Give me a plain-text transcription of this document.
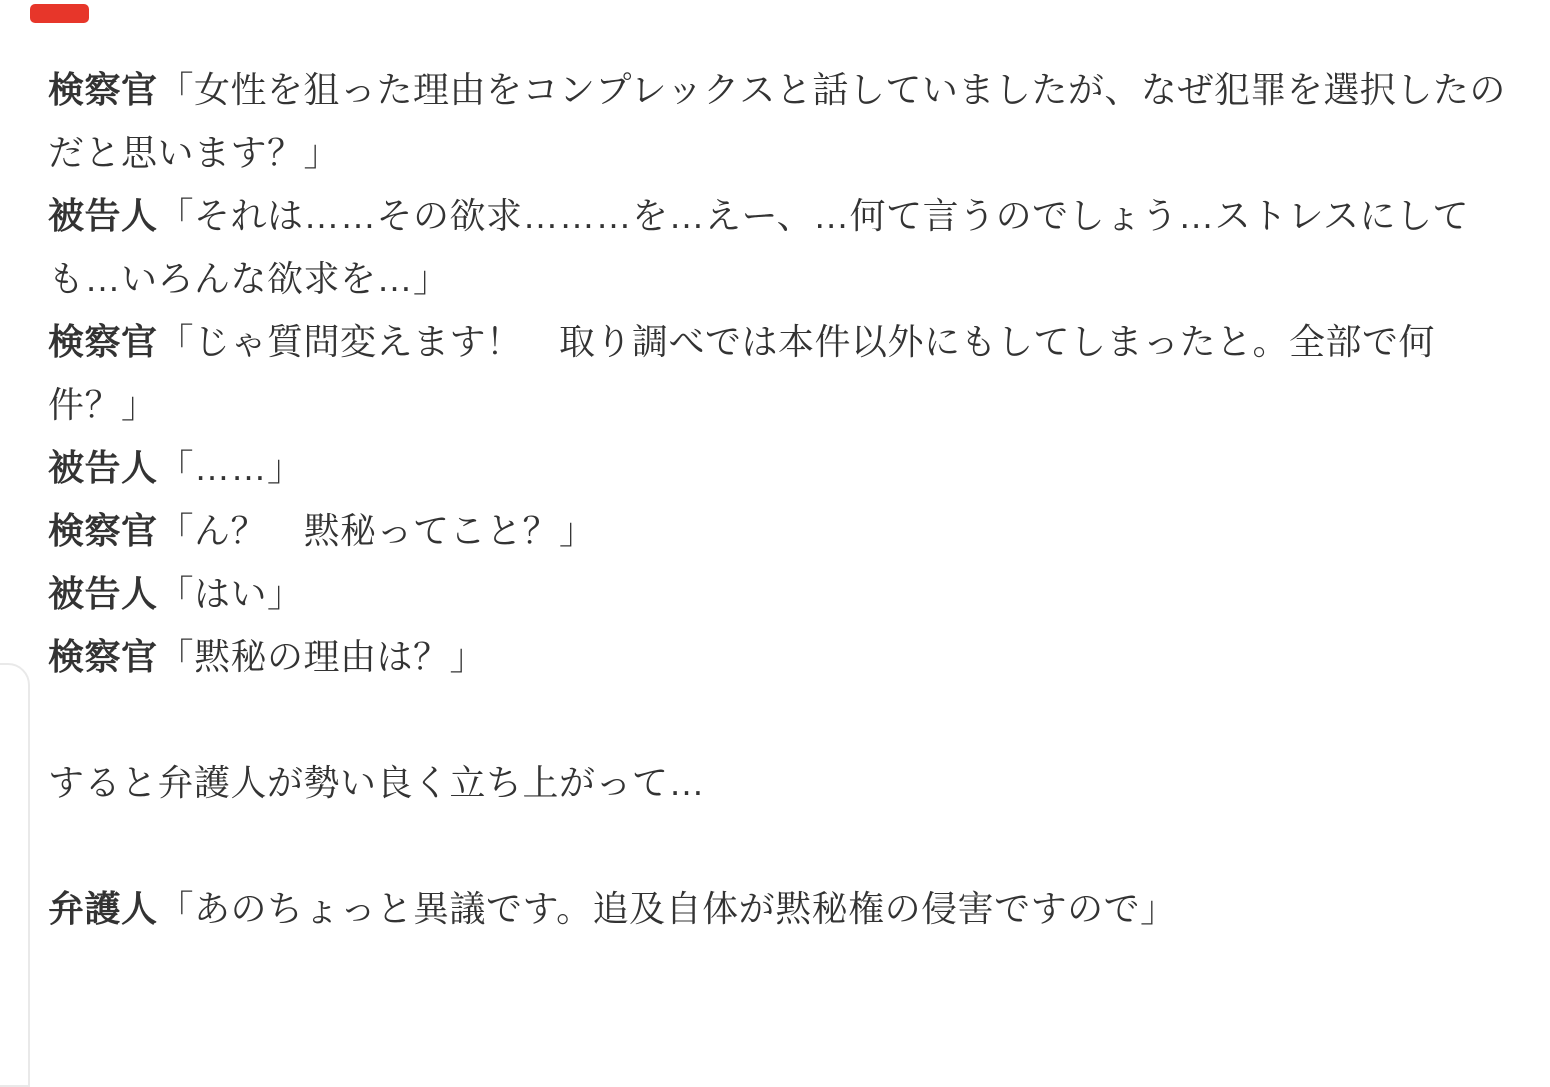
検察官「女性を狙った理由をコンプレックスと話していましたが、なぜ犯罪を選択したの
だと思います？」
被告人「それは……その欲求………を…えー、…何て言うのでしょう…ストレスにして
も…いろんな欲求を…」
検察官「じゃ質問変えます！　取り調べでは本件以外にもしてしまったと。全部で何
件？」
被告人「……」
検察官「ん？　黙秘ってこと？」
被告人「はい」
検察官「黙秘の理由は？」
すると弁護人が勢い良く立ち上がって…
弁護人「あのちょっと異議です。追及自体が黙秘権の侵害ですので」
